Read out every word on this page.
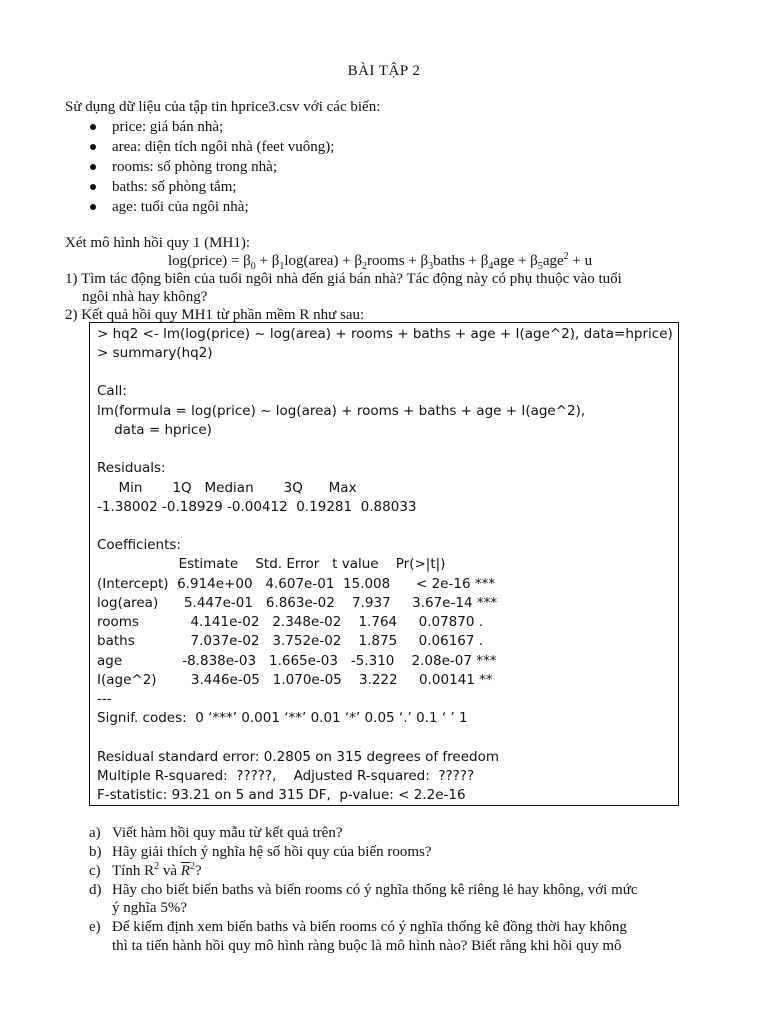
BÀI TẬP 2
Sử dụng dữ liệu của tập tin hprice3.csv với các biến:
price: giá bán nhà;
area: diện tích ngôi nhà (feet vuông);
rooms: số phòng trong nhà;
baths: số phòng tắm;
age: tuổi của ngôi nhà;
Xét mô hình hồi quy 1 (MH1):
log(price) = $\beta_0$ + $\beta_1\log(area)$ + $\beta_2rooms$ + $\beta_3baths + \beta_4age + \beta_5age^2 + u$
1) Tìm tác động biên của tuổi ngôi nhà đến giá bán nhà? Tác động này có phụ thuộc vào tuổi
ngôi nhà hay không?
2) Kết quả hồi quy MH1 từ phần mềm R như sau:
> hq2 <- lm(log(price) ~ log(area) + rooms + baths + age + I(age^2), data=hprice)
> summary(hq2)
Call:
lm(formula = log(price) ~ log(area) + rooms + baths + age + I(age^2),
data = hprice)
Residuals:
Min       1Q   Median       3Q      Max
-1.38002 -0.18929 -0.00412  0.19281  0.88033
Coefficients:
Estimate    Std. Error   t value    Pr(>|t|)
(Intercept)  6.914e+00   4.607e-01  15.008      < 2e-16 ***
log(area)      5.447e-01   6.863e-02    7.937     3.67e-14 ***
rooms            4.141e-02   2.348e-02    1.764     0.07870 .
baths             7.037e-02   3.752e-02    1.875     0.06167 .
age              -8.838e-03   1.665e-03   -5.310    2.08e-07 ***
I(age^2)        3.446e-05   1.070e-05    3.222     0.00141 **
---
Signif. codes:  0 ‘***’ 0.001 ‘**’ 0.01 ‘*’ 0.05 ‘.’ 0.1 ‘ ’ 1
Residual standard error: 0.2805 on 315 degrees of freedom
Multiple R-squared:  ?????,    Adjusted R-squared:  ?????
F-statistic: 93.21 on 5 and 315 DF,  p-value: < 2.2e-16
a) Viết hàm hồi quy mẫu từ kết quả trên?
b) Hãy giải thích ý nghĩa hệ số hồi quy của biến rooms?
c) Tính $R^2$ và $\overline{R}^2$?
d) Hãy cho biết biến baths và biến rooms có ý nghĩa thống kê riêng lẻ hay không, với mức
ý nghĩa 5%?
e) Để kiểm định xem biến baths và biến rooms có ý nghĩa thống kê đồng thời hay không
thì ta tiến hành hồi quy mô hình ràng buộc là mô hình nào? Biết rằng khi hồi quy mô
